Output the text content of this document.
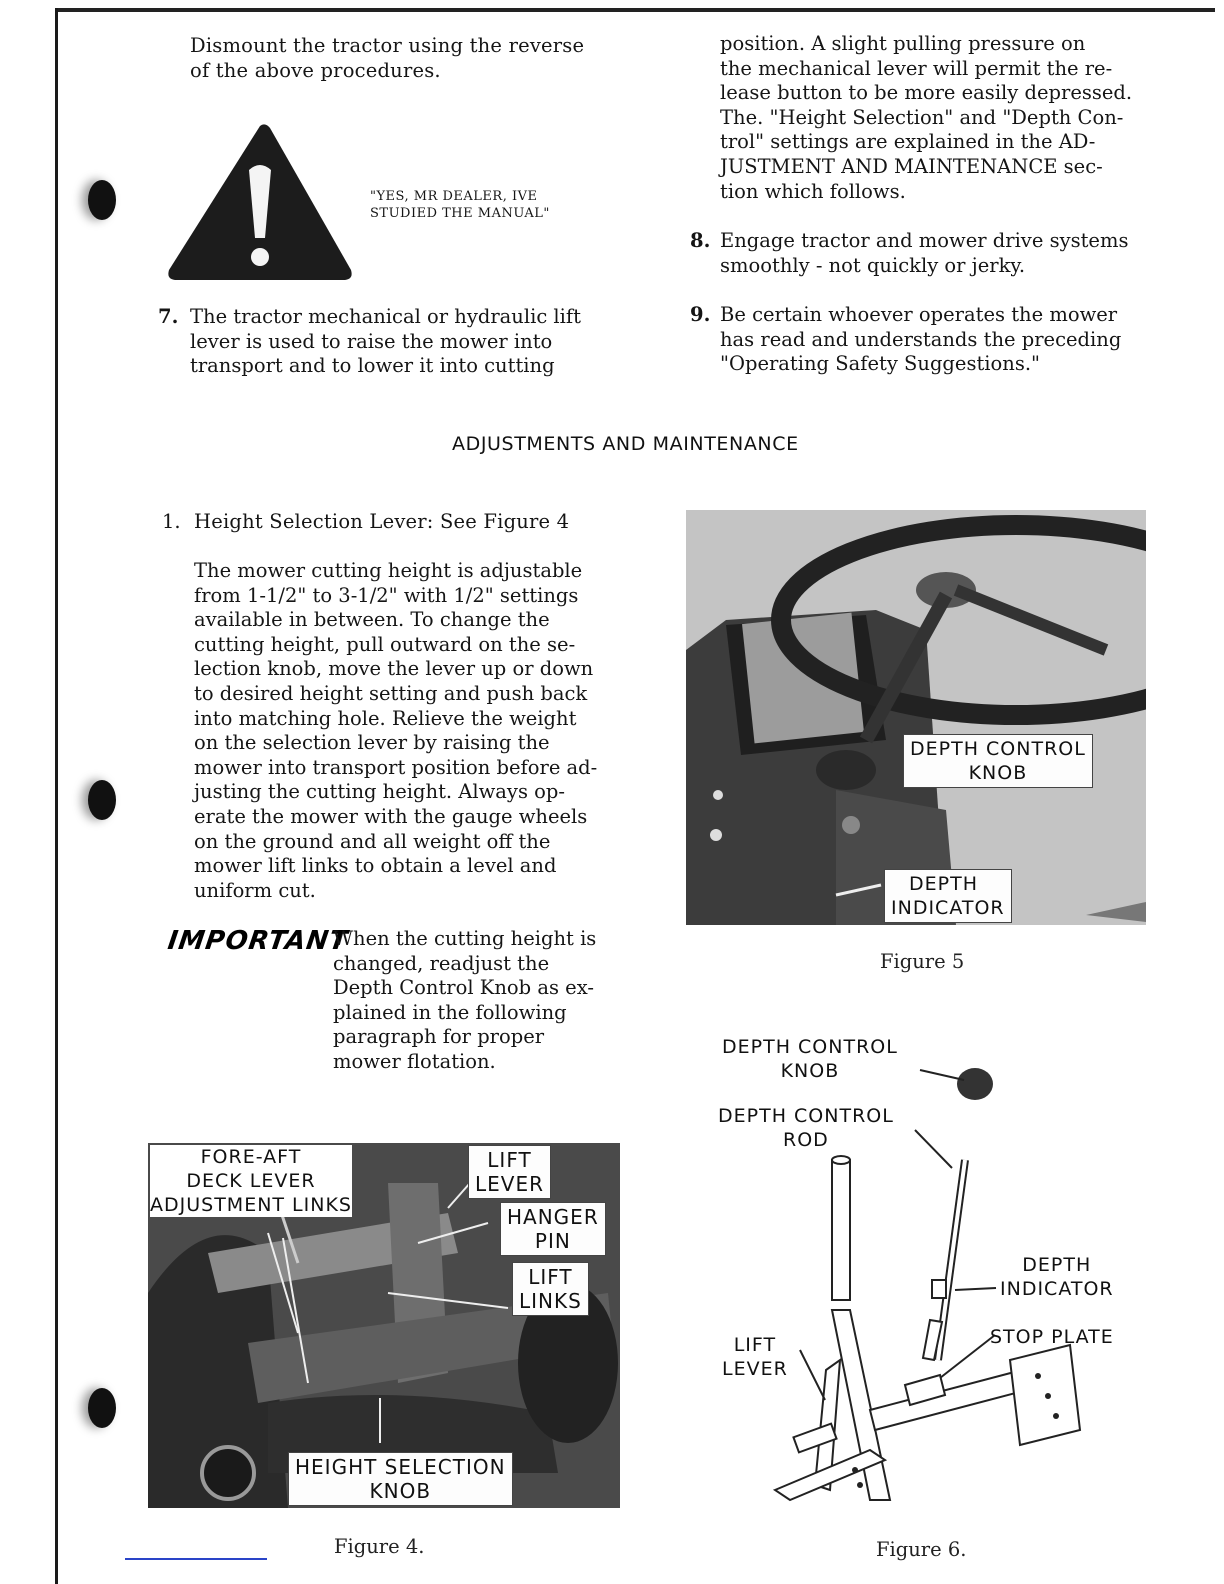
Dismount the tractor using the reverse
of the above procedures.
"YES, MR DEALER, IVE
STUDIED THE MANUAL"
7. The tractor mechanical or hydraulic lift
lever is used to raise the mower into
transport and to lower it into cutting
position. A slight pulling pressure on
the mechanical lever will permit the re-
lease button to be more easily depressed.
The. "Height Selection" and "Depth Con-
trol" settings are explained in the AD-
JUSTMENT AND MAINTENANCE sec-
tion which follows.
8. Engage tractor and mower drive systems
smoothly - not quickly or jerky.
9. Be certain whoever operates the mower
has read and understands the preceding
"Operating Safety Suggestions."
ADJUSTMENTS AND MAINTENANCE
1. Height Selection Lever: See Figure 4
The mower cutting height is adjustable
from 1-1/2" to 3-1/2" with 1/2" settings
available in between. To change the
cutting height, pull outward on the se-
lection knob, move the lever up or down
to desired height setting and push back
into matching hole. Relieve the weight
on the selection lever by raising the
mower into transport position before ad-
justing the cutting height. Always op-
erate the mower with the gauge wheels
on the ground and all weight off the
mower lift links to obtain a level and
uniform cut.
IMPORTANT
When the cutting height is
changed, readjust the
Depth Control Knob as ex-
plained in the following
paragraph for proper
mower flotation.
DEPTH CONTROL
KNOB
DEPTH
INDICATOR
Figure 5
DEPTH CONTROL
KNOB
DEPTH CONTROL
ROD
DEPTH
INDICATOR
LIFT
LEVER
STOP PLATE
Figure 6.
FORE-AFT
DECK LEVER
ADJUSTMENT LINKS
LIFT
LEVER
HANGER
PIN
LIFT
LINKS
HEIGHT SELECTION
KNOB
Figure 4.
